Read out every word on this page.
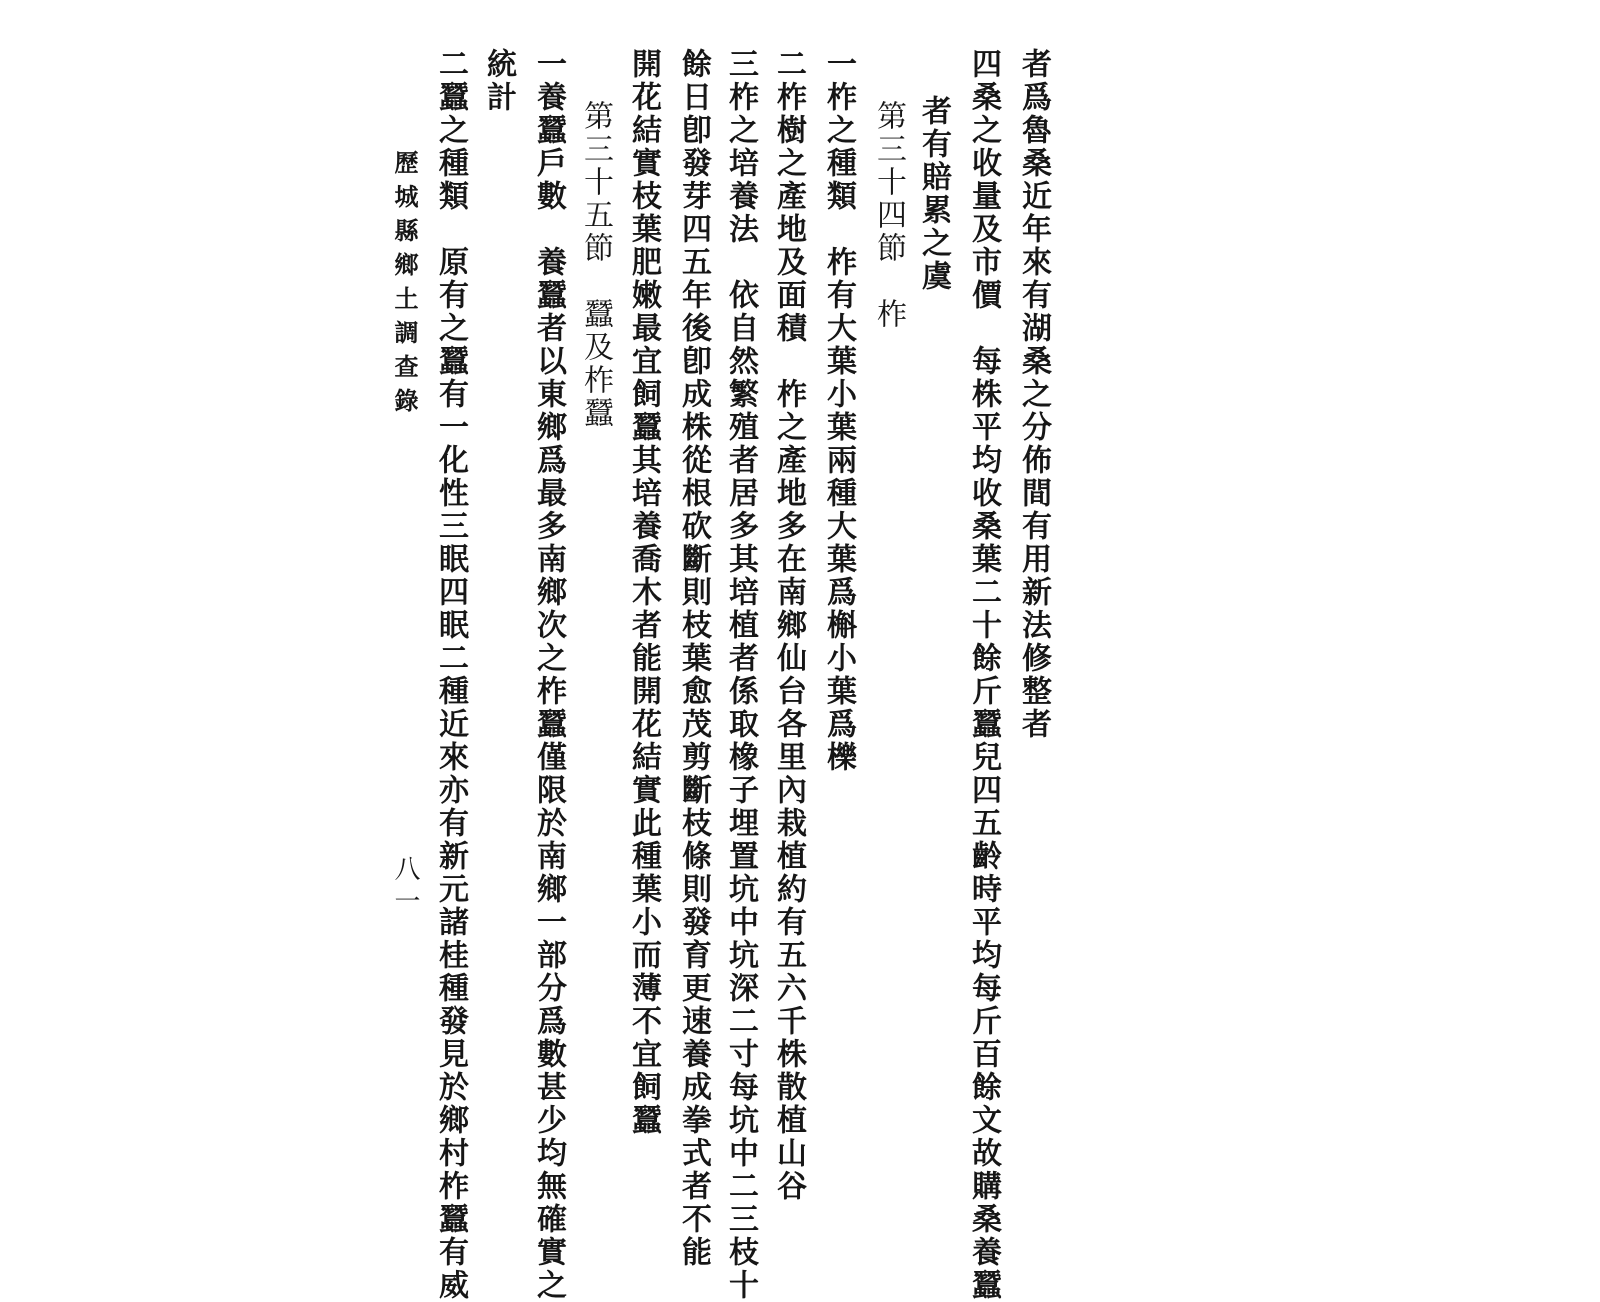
者爲魯桑近年來有湖桑之分佈間有用新法修整者
四桑之收量及市價　每株平均收桑葉二十餘斤蠶兒四五齡時平均每斤百餘文故購桑養蠶
者有賠累之虞
第三十四節　柞
一柞之種類　柞有大葉小葉兩種大葉爲槲小葉爲櫟
二柞樹之產地及面積　柞之產地多在南鄉仙台各里內栽植約有五六千株散植山谷
三柞之培養法　依自然繁殖者居多其培植者係取橡子埋置坑中坑深二寸每坑中二三枝十
餘日卽發芽四五年後卽成株從根砍斷則枝葉愈茂剪斷枝條則發育更速養成拳式者不能
開花結實枝葉肥嫩最宜飼蠶其培養喬木者能開花結實此種葉小而薄不宜飼蠶
第三十五節　蠶及柞蠶
一養蠶戶數　養蠶者以東鄉爲最多南鄉次之柞蠶僅限於南鄉一部分爲數甚少均無確實之
統計
二蠶之種類　原有之蠶有一化性三眠四眠二種近來亦有新元諸桂種發見於鄉村柞蠶有威
歷城縣鄉土調查錄
八一
